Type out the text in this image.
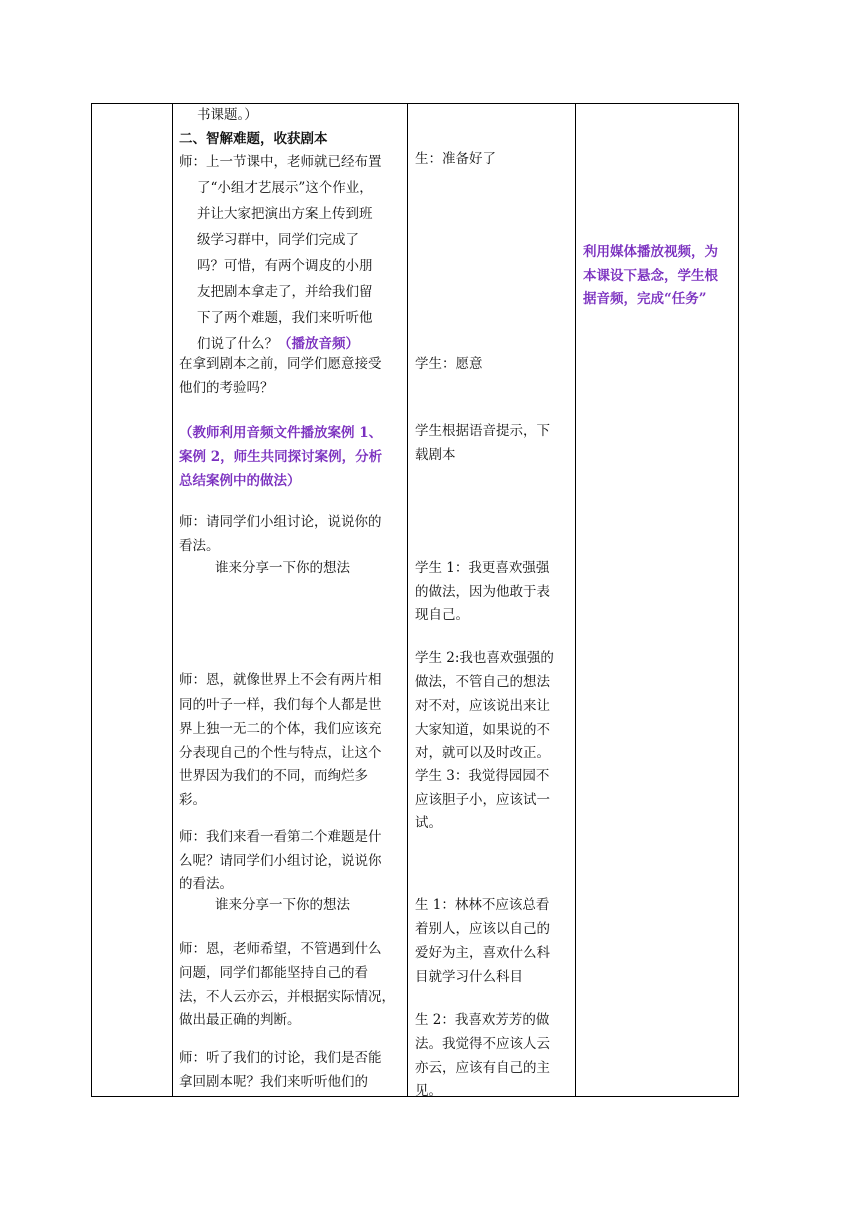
书课题。）
二、智解难题，收获剧本
师：上一节课中，老师就已经布置
了“小组才艺展示”这个作业，
并让大家把演出方案上传到班
级学习群中，同学们完成了
吗？可惜，有两个调皮的小朋
友把剧本拿走了，并给我们留
下了两个难题，我们来听听他
们说了什么？（播放音频）
在拿到剧本之前，同学们愿意接受
他们的考验吗？
（教师利用音频文件播放案例 1、
案例 2，师生共同探讨案例，分析
总结案例中的做法）
师：请同学们小组讨论，说说你的
看法。
谁来分享一下你的想法
师：恩，就像世界上不会有两片相
同的叶子一样，我们每个人都是世
界上独一无二的个体，我们应该充
分表现自己的个性与特点，让这个
世界因为我们的不同，而绚烂多
彩。
师：我们来看一看第二个难题是什
么呢？请同学们小组讨论，说说你
的看法。
谁来分享一下你的想法
师：恩，老师希望，不管遇到什么
问题，同学们都能坚持自己的看
法，不人云亦云，并根据实际情况，
做出最正确的判断。
师：听了我们的讨论，我们是否能
拿回剧本呢？我们来听听他们的
生：准备好了
学生：愿意
学生根据语音提示，下
载剧本
学生 1：我更喜欢强强
的做法，因为他敢于表
现自己。
学生 2:我也喜欢强强的
做法，不管自己的想法
对不对，应该说出来让
大家知道，如果说的不
对，就可以及时改正。
学生 3：我觉得园园不
应该胆子小，应该试一
试。
生 1：林林不应该总看
着别人，应该以自己的
爱好为主，喜欢什么科
目就学习什么科目
生 2：我喜欢芳芳的做
法。我觉得不应该人云
亦云，应该有自己的主
见。
利用媒体播放视频，为
本课设下悬念，学生根
据音频，完成“任务”
